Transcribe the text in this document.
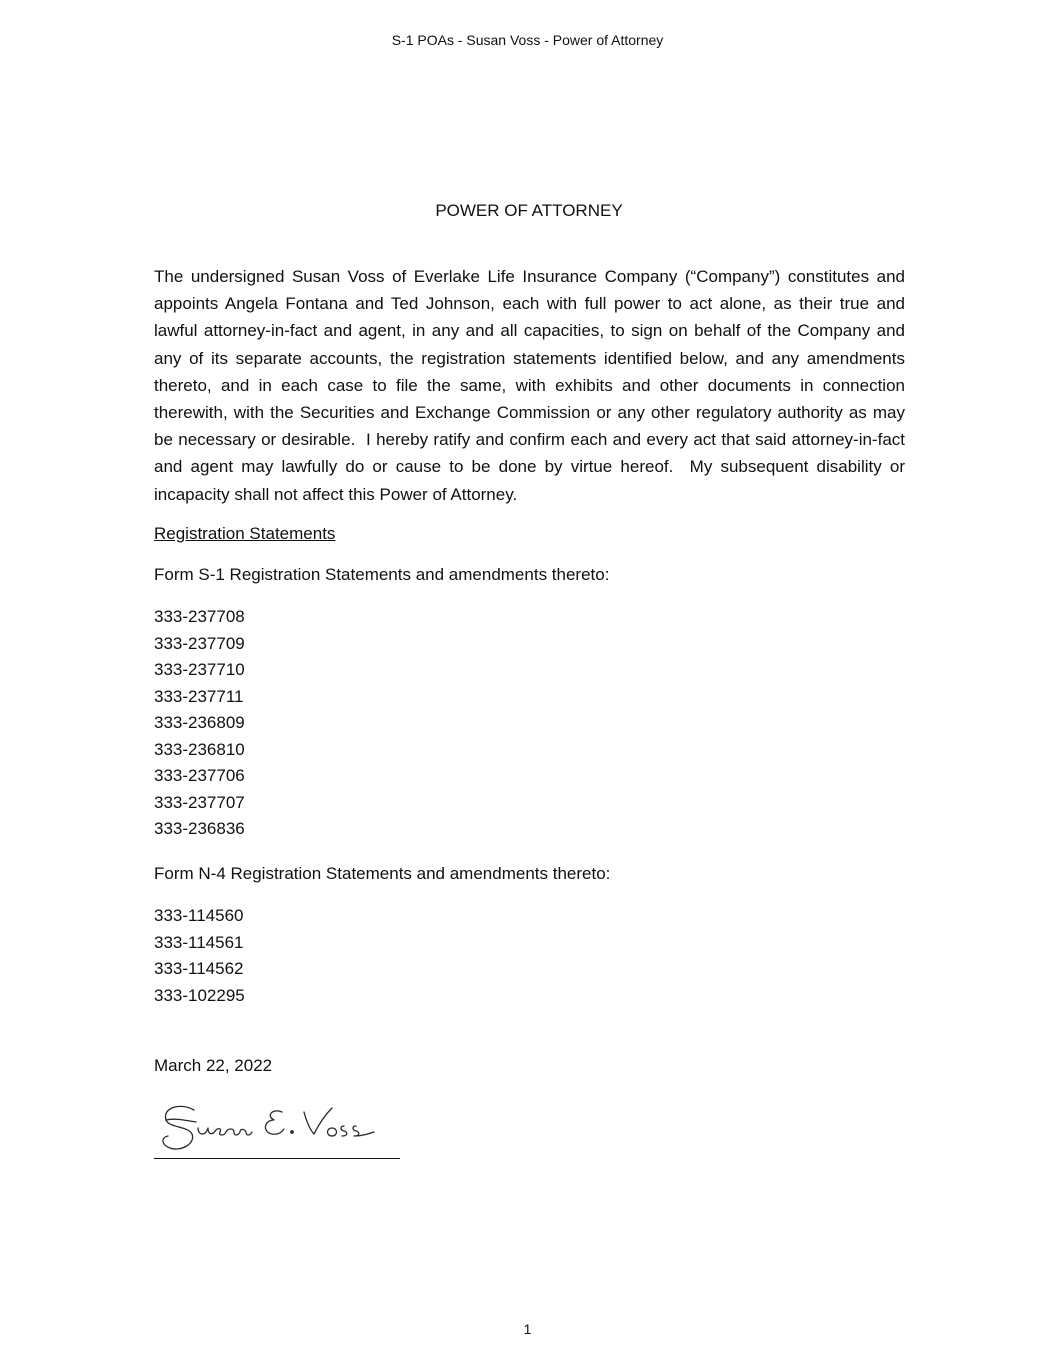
S-1 POAs - Susan Voss - Power of Attorney
POWER OF ATTORNEY

The undersigned Susan Voss of Everlake Life Insurance Company (“Company”) constitutes and appoints Angela Fontana and Ted Johnson, each with full power to act alone, as their true and lawful attorney-in-fact and agent, in any and all capacities, to sign on behalf of the Company and any of its separate accounts, the registration statements identified below, and any amendments thereto, and in each case to file the same, with exhibits and other documents in connection therewith, with the Securities and Exchange Commission or any other regulatory authority as may be necessary or desirable.  I hereby ratify and confirm each and every act that said attorney-in-fact and agent may lawfully do or cause to be done by virtue hereof.  My subsequent disability or incapacity shall not affect this Power of Attorney.

Registration Statements

Form S-1 Registration Statements and amendments thereto:

333-237708
333-237709
333-237710
333-237711
333-236809
333-236810
333-237706
333-237707
333-236836

Form N-4 Registration Statements and amendments thereto:

333-114560
333-114561
333-114562
333-102295

March 22, 2022

1
